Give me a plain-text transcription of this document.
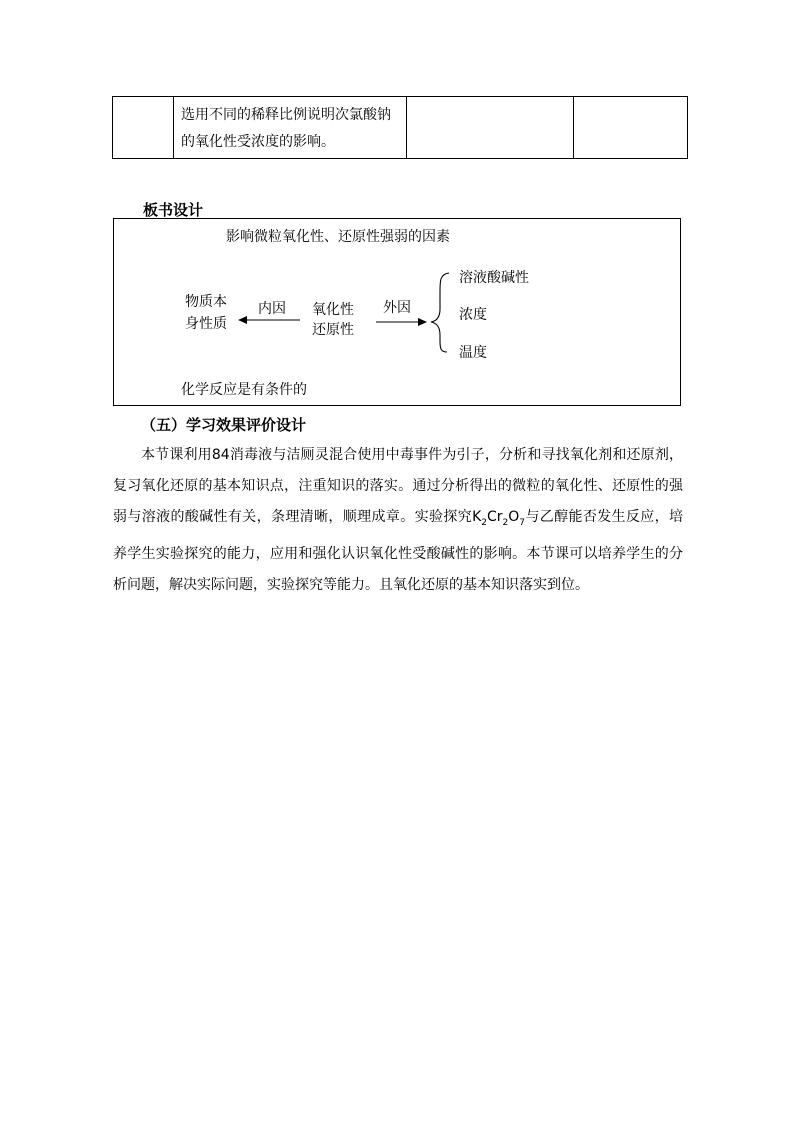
选用不同的稀释比例说明次氯酸钠
的氧化性受浓度的影响。

板书设计
影响微粒氧化性、还原性强弱的因素
物质本
身性质
内因 氧化性
还原性
外因
溶液酸碱性
浓度
温度
化学反应是有条件的
（五）学习效果评价设计
本节课利用84消毒液与洁厕灵混合使用中毒事件为引子，分析和寻找氧化剂和还原剂，复习氧化还原的基本知识点，注重知识的落实。通过分析得出的微粒的氧化性、还原性的强弱与溶液的酸碱性有关，条理清晰，顺理成章。实验探究$K_2Cr_2O_7$与乙醇能否发生反应，培养学生实验探究的能力，应用和强化认识氧化性受酸碱性的影响。本节课可以培养学生的分析问题，解决实际问题，实验探究等能力。且氧化还原的基本知识落实到位。
